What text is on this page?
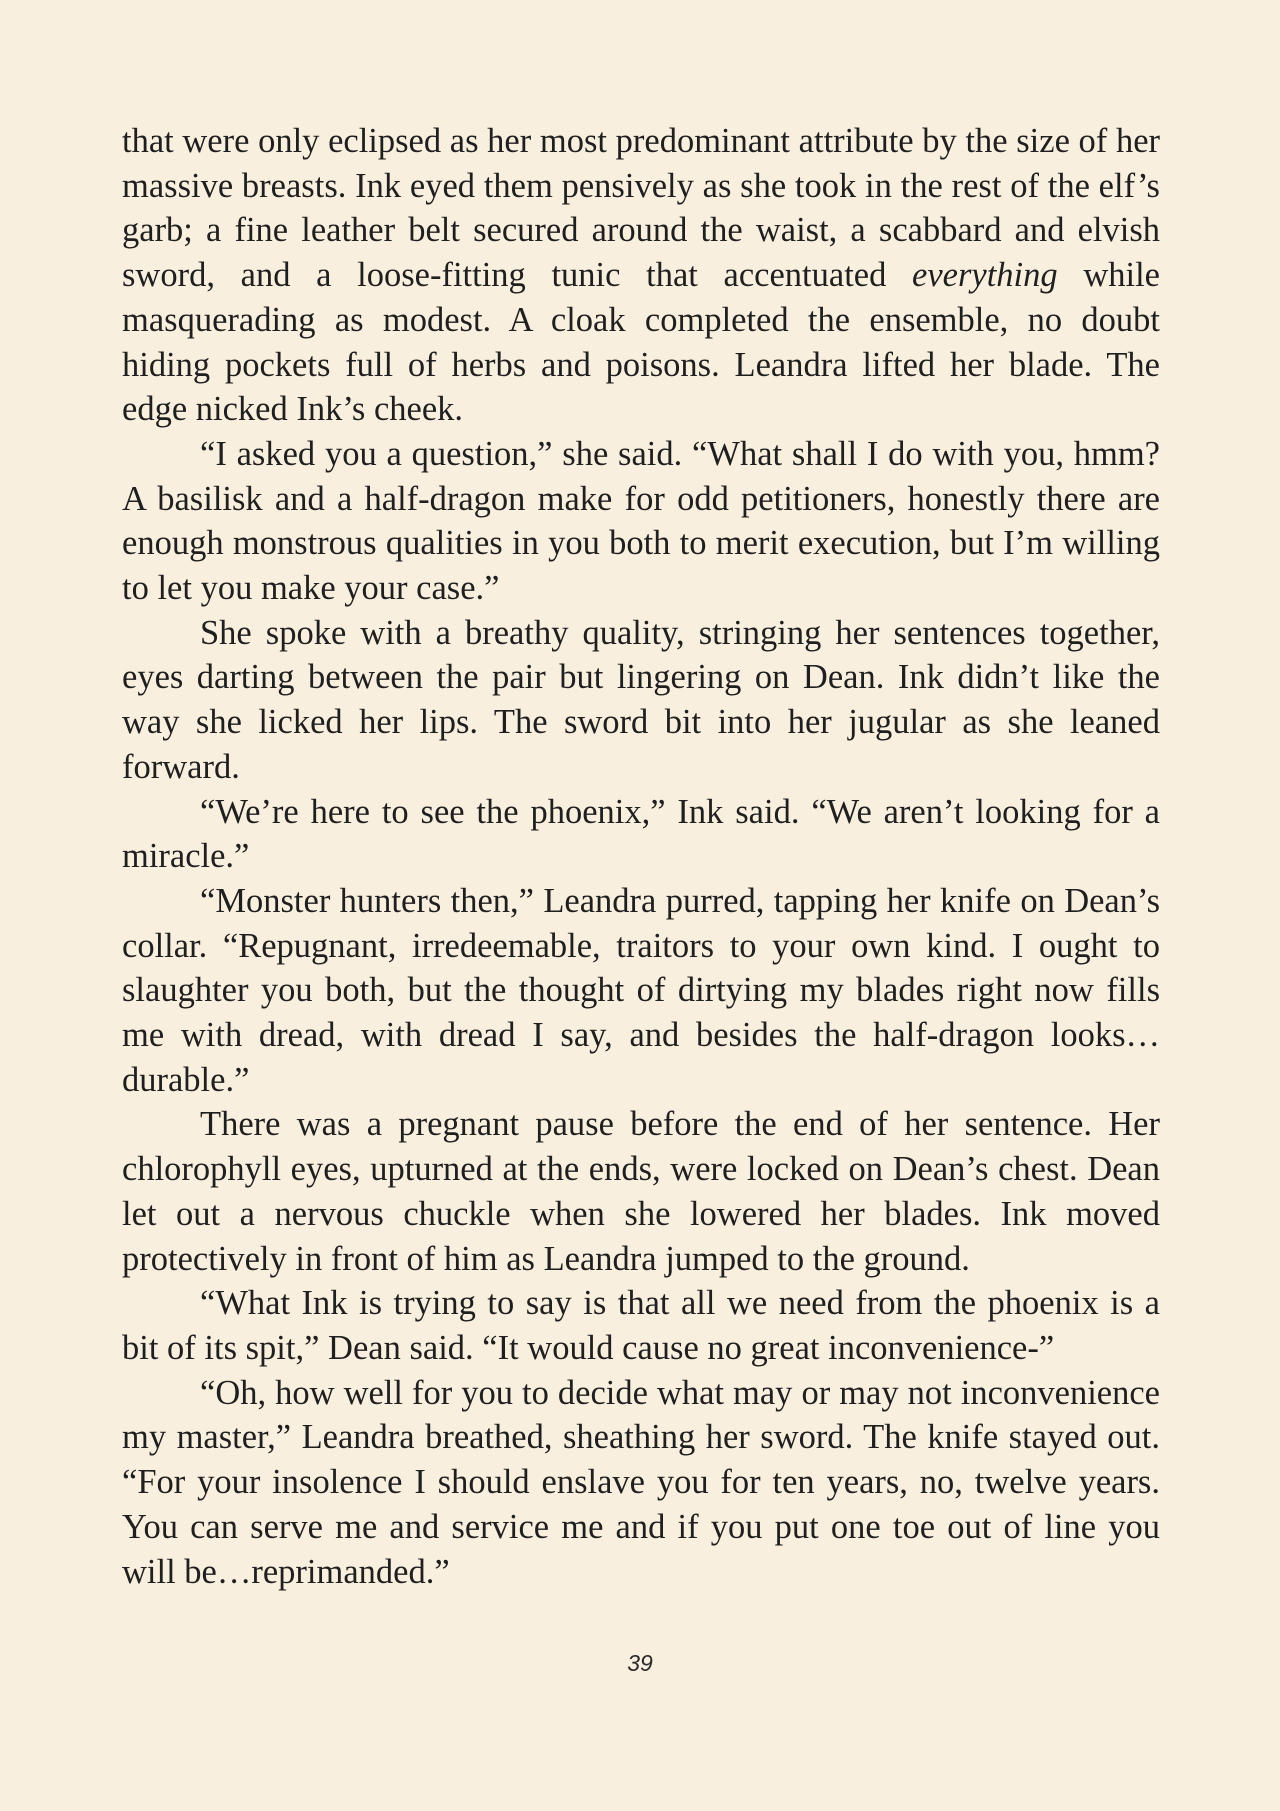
that were only eclipsed as her most predominant attribute by the size of her massive breasts. Ink eyed them pensively as she took in the rest of the elf’s garb; a fine leather belt secured around the waist, a scabbard and elvish sword, and a loose-fitting tunic that accentuated everything while masquerading as modest. A cloak completed the ensemble, no doubt hiding pockets full of herbs and poisons. Leandra lifted her blade. The edge nicked Ink’s cheek.

“I asked you a question,” she said. “What shall I do with you, hmm? A basilisk and a half-dragon make for odd petitioners, honestly there are enough monstrous qualities in you both to merit execution, but I’m willing to let you make your case.”

She spoke with a breathy quality, stringing her sentences together, eyes darting between the pair but lingering on Dean. Ink didn’t like the way she licked her lips. The sword bit into her jugular as she leaned forward.

“We’re here to see the phoenix,” Ink said. “We aren’t looking for a miracle.”

“Monster hunters then,” Leandra purred, tapping her knife on Dean’s collar. “Repugnant, irredeemable, traitors to your own kind. I ought to slaughter you both, but the thought of dirtying my blades right now fills me with dread, with dread I say, and besides the half-dragon looks…durable.”

There was a pregnant pause before the end of her sentence. Her chlorophyll eyes, upturned at the ends, were locked on Dean’s chest. Dean let out a nervous chuckle when she lowered her blades. Ink moved protectively in front of him as Leandra jumped to the ground.

“What Ink is trying to say is that all we need from the phoenix is a bit of its spit,” Dean said. “It would cause no great inconvenience-”

“Oh, how well for you to decide what may or may not inconvenience my master,” Leandra breathed, sheathing her sword. The knife stayed out. “For your insolence I should enslave you for ten years, no, twelve years. You can serve me and service me and if you put one toe out of line you will be…reprimanded.”

39
